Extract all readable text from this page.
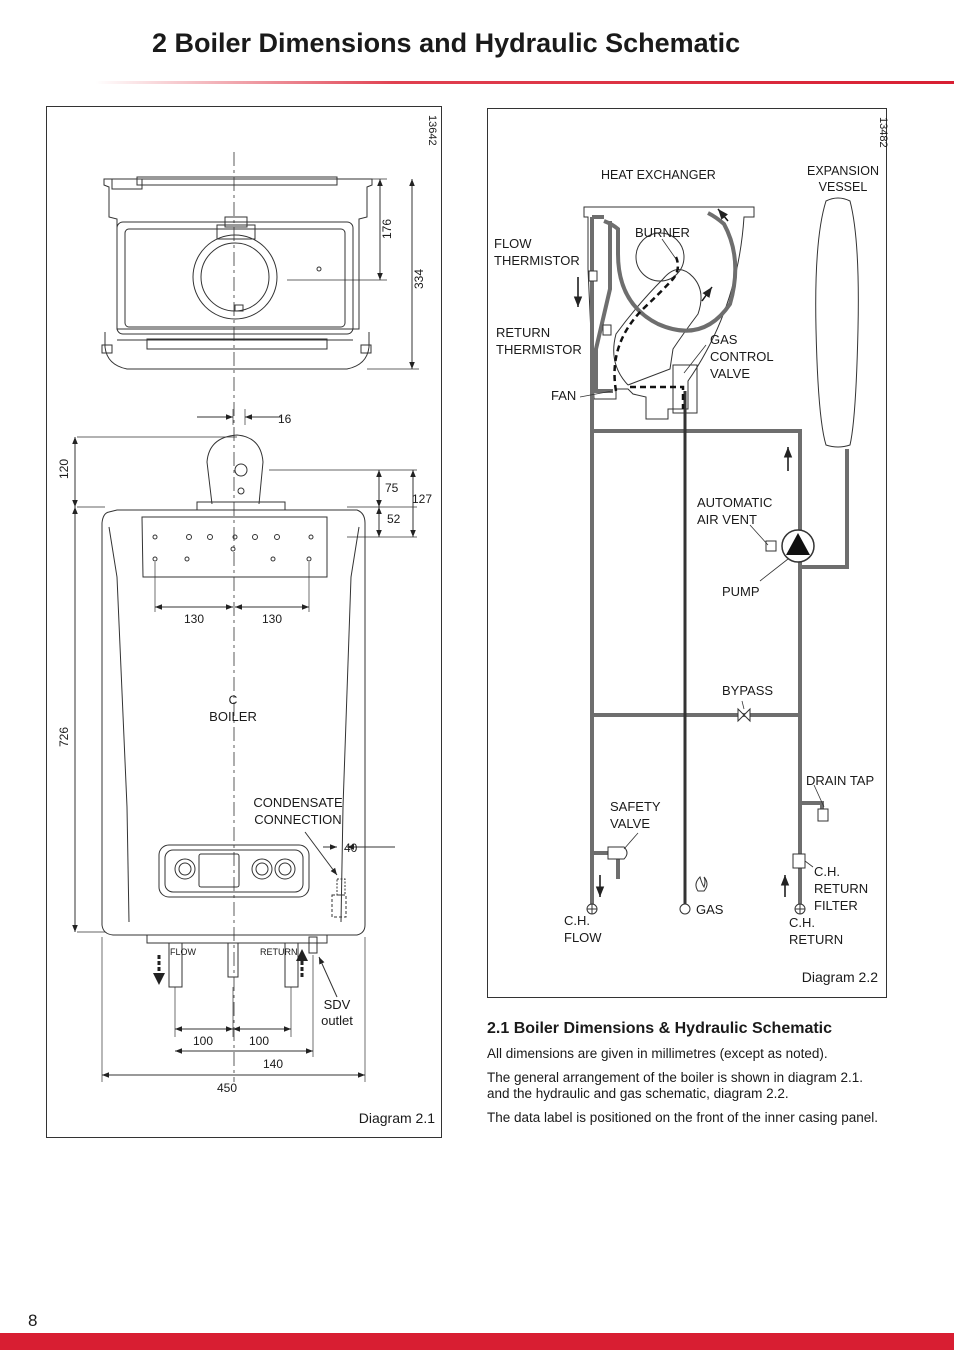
2 Boiler Dimensions and Hydraulic Schematic
13642
176
334
16
120
75
127
52
130	130
726
C
BOILER
CONDENSATE
CONNECTION
40
FLOW	RETURN
SDV
outlet
100	100
140
450
Diagram 2.1
13482
HEAT EXCHANGER	EXPANSION
VESSEL
FLOW
THERMISTOR
BURNER
RETURN
THERMISTOR
GAS
CONTROL
VALVE
FAN
AUTOMATIC
AIR VENT
PUMP
BYPASS
DRAIN TAP
SAFETY
VALVE
C.H.
FLOW
GAS
C.H.
RETURN
FILTER
C.H.
RETURN
Diagram 2.2
2.1 Boiler Dimensions & Hydraulic Schematic

All dimensions are given in millimetres (except as noted).

The general arrangement of the boiler is shown in diagram 2.1. and the hydraulic and gas schematic, diagram 2.2.

The data label is positioned on the front of the inner casing panel.

8
